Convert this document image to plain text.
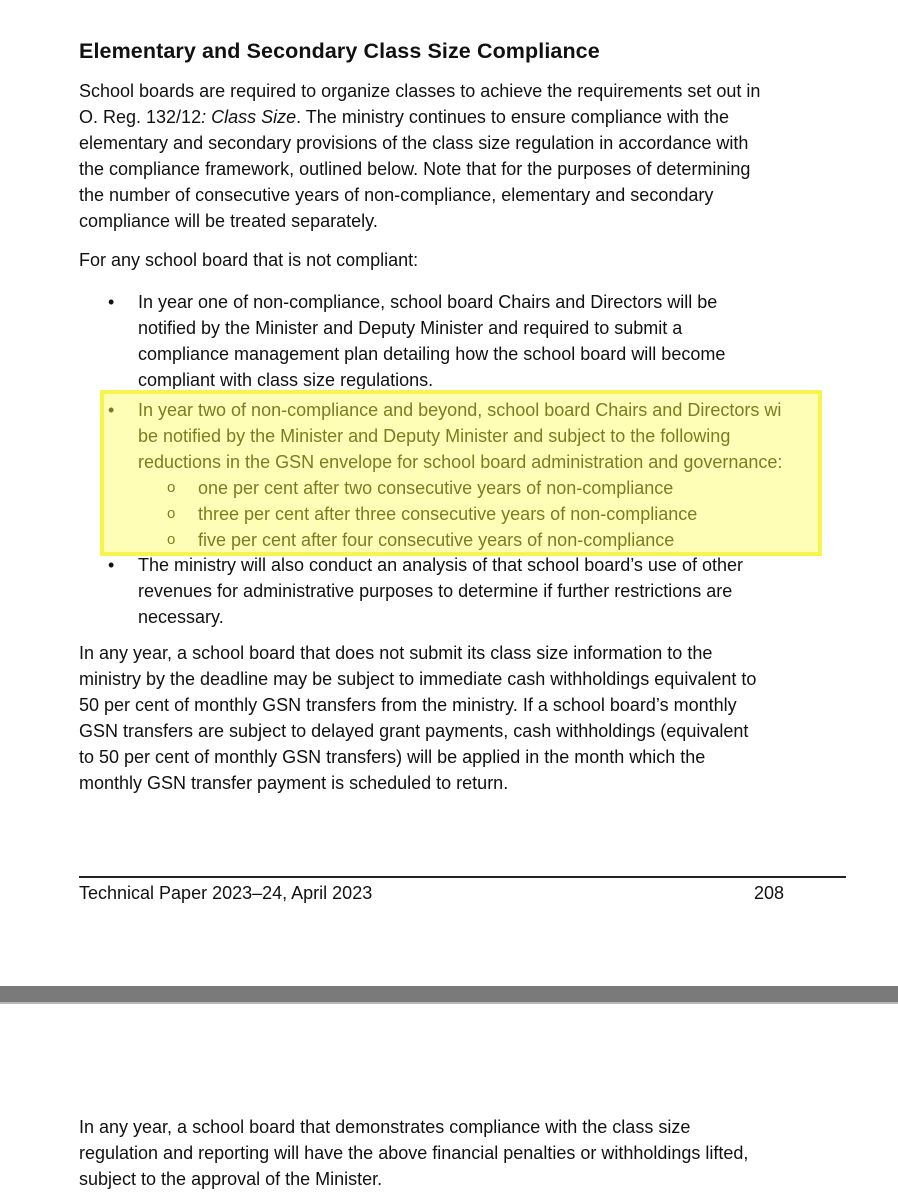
Elementary and Secondary Class Size Compliance
School boards are required to organize classes to achieve the requirements set out in
O. Reg. 132/12: Class Size. The ministry continues to ensure compliance with the
elementary and secondary provisions of the class size regulation in accordance with
the compliance framework, outlined below. Note that for the purposes of determining
the number of consecutive years of non-compliance, elementary and secondary
compliance will be treated separately.

For any school board that is not compliant:

• In year one of non-compliance, school board Chairs and Directors will be
notified by the Minister and Deputy Minister and required to submit a
compliance management plan detailing how the school board will become
compliant with class size regulations.
• In year two of non-compliance and beyond, school board Chairs and Directors wi
be notified by the Minister and Deputy Minister and subject to the following
reductions in the GSN envelope for school board administration and governance:
o one per cent after two consecutive years of non-compliance
o three per cent after three consecutive years of non-compliance
o five per cent after four consecutive years of non-compliance
• The ministry will also conduct an analysis of that school board’s use of other
revenues for administrative purposes to determine if further restrictions are
necessary.
In any year, a school board that does not submit its class size information to the
ministry by the deadline may be subject to immediate cash withholdings equivalent to
50 per cent of monthly GSN transfers from the ministry. If a school board’s monthly
GSN transfers are subject to delayed grant payments, cash withholdings (equivalent
to 50 per cent of monthly GSN transfers) will be applied in the month which the
monthly GSN transfer payment is scheduled to return.
Technical Paper 2023–24, April 2023	208
In any year, a school board that demonstrates compliance with the class size
regulation and reporting will have the above financial penalties or withholdings lifted,
subject to the approval of the Minister.
